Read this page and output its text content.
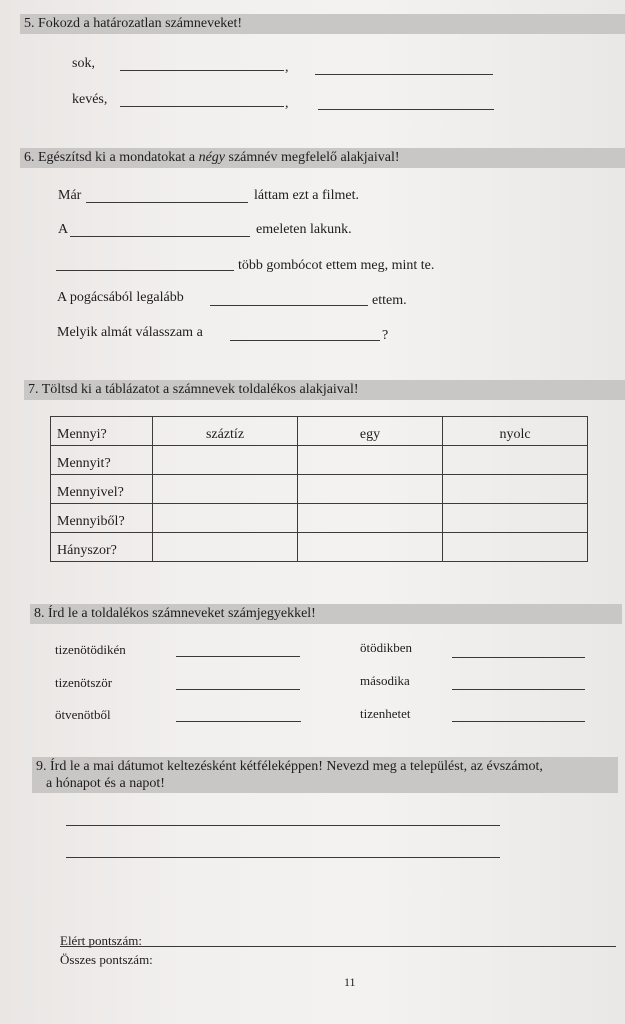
5. Fokozd a határozatlan számneveket!
sok,	,
kevés,	,
6. Egészítsd ki a mondatokat a négy számnév megfelelő alakjaival!
Már	láttam ezt a filmet.
A	emeleten lakunk.
több gombócot ettem meg, mint te.
A pogácsából legalább	ettem.
Melyik almát válasszam a	?
7. Töltsd ki a táblázatot a számnevek toldalékos alakjaival!
Mennyi?	száztíz	egy	nyolc
Mennyit?			
Mennyivel?			
Mennyiből?			
Hányszor?			
8. Írd le a toldalékos számneveket számjegyekkel!
tizenötödikén	ötödikben
tizenötször	másodika
ötvenötből	tizenhetet
9. Írd le a mai dátumot keltezésként kétféleképpen! Nevezd meg a települést, az évszámot,
a hónapot és a napot!
Elért pontszám:
Összes pontszám:
11
